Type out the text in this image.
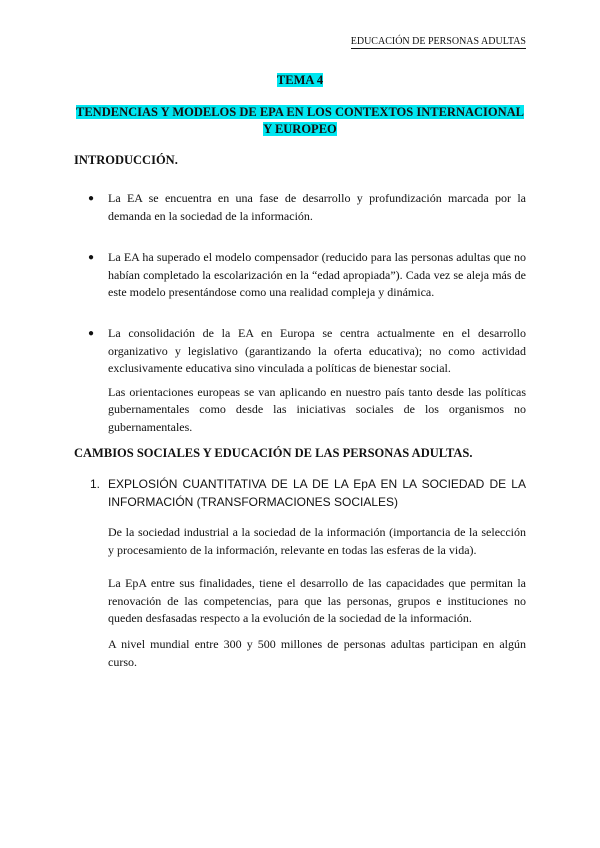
EDUCACIÓN DE PERSONAS ADULTAS
TEMA 4
TENDENCIAS Y MODELOS DE EPA EN LOS CONTEXTOS INTERNACIONAL Y EUROPEO
INTRODUCCIÓN.
●	La EA se encuentra en una fase de desarrollo y profundización marcada por la demanda en la sociedad de la información.
●	La EA ha superado el modelo compensador (reducido para las personas adultas que no habían completado la escolarización en la “edad apropiada”). Cada vez se aleja más de este modelo presentándose como una realidad compleja y dinámica.
●	La consolidación de la EA en Europa se centra actualmente en el desarrollo organizativo y legislativo (garantizando la oferta educativa); no como actividad exclusivamente educativa sino vinculada a políticas de bienestar social.

Las orientaciones europeas se van aplicando en nuestro país tanto desde las políticas gubernamentales como desde las iniciativas sociales de los organismos no gubernamentales.

CAMBIOS SOCIALES Y EDUCACIÓN DE LAS PERSONAS ADULTAS.
1. EXPLOSIÓN CUANTITATIVA DE LA DE LA EpA EN LA SOCIEDAD DE LA INFORMACIÓN (TRANSFORMACIONES SOCIALES)
De la sociedad industrial a la sociedad de la información (importancia de la selección y procesamiento de la información, relevante en todas las esferas de la vida).
La EpA entre sus finalidades, tiene el desarrollo de las capacidades que permitan la renovación de las competencias, para que las personas, grupos e instituciones no queden desfasadas respecto a la evolución de la sociedad de la información.
A nivel mundial entre 300 y 500 millones de personas adultas participan en algún curso.
